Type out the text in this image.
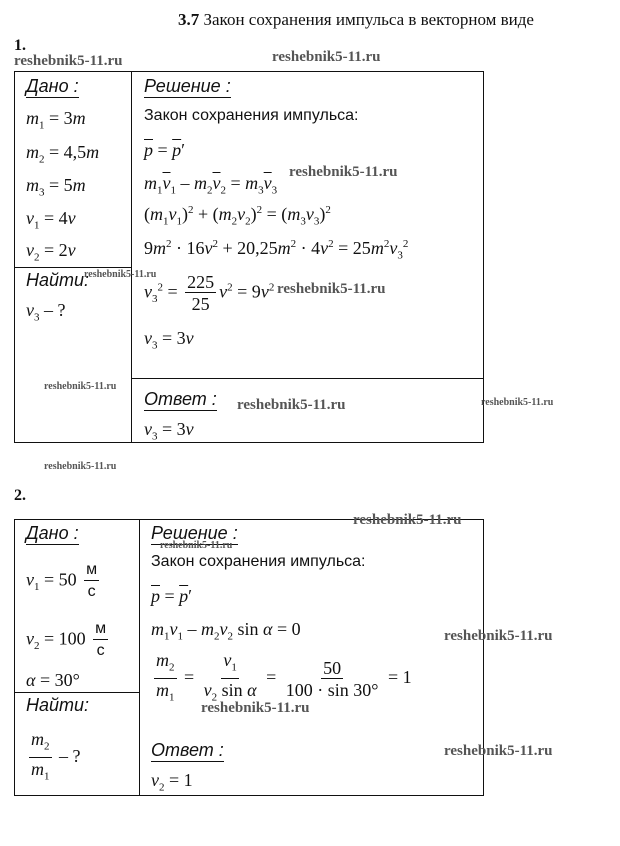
3.7 Закон сохранения импульса в векторном виде
1.
reshebnik5-11.ru	reshebnik5-11.ru
Дано :
$m_1 = 3m$
$m_2 = 4,5m$
$m_3 = 5m$
$v_1 = 4v$
$v_2 = 2v$
Найти:
reshebnik5-11.ru
$v_3$ – ?
Решение :
Закон сохранения импульса:
$\overline{p} = \overline{p}'$
$m_1\overline{v}_1 - m_2\overline{v}_2 = m_3\overline{v}_3$
reshebnik5-11.ru
$(m_1v_1)^2 + (m_2v_2)^2 = (m_3v_3)^2$
$9m^2 \cdot 16v^2 + 20,25m^2 \cdot 4v^2 = 25m^2v_3^2$
$v_3^2 = \frac{225}{25} v^2 = 9v^2$ reshebnik5-11.ru
$v_3 = 3v$
reshebnik5-11.ru
Ответ : reshebnik5-11.ru	reshebnik5-11.ru
$v_3 = 3v$
reshebnik5-11.ru
2.
Дано :
$v_1 = 50 \frac{м}{с}$
$v_2 = 100 \frac{м}{с}$
α = 30°
Найти:
$\frac{m_2}{m_1}$ – ?
Решение :
reshebnik5-11.ru
reshebnik5-11.ru
Закон сохранения импульса:
$\overline{p} = \overline{p}'$
$m_1v_1 - m_2v_2$ sin α = 0	reshebnik5-11.ru
$\frac{m_2}{m_1} = \frac{v_1}{v_2 \sin \alpha} = \frac{50}{100 \cdot \sin 30^\circ} = 1$
reshebnik5-11.ru
Ответ :	reshebnik5-11.ru
$v_2 = 1$
